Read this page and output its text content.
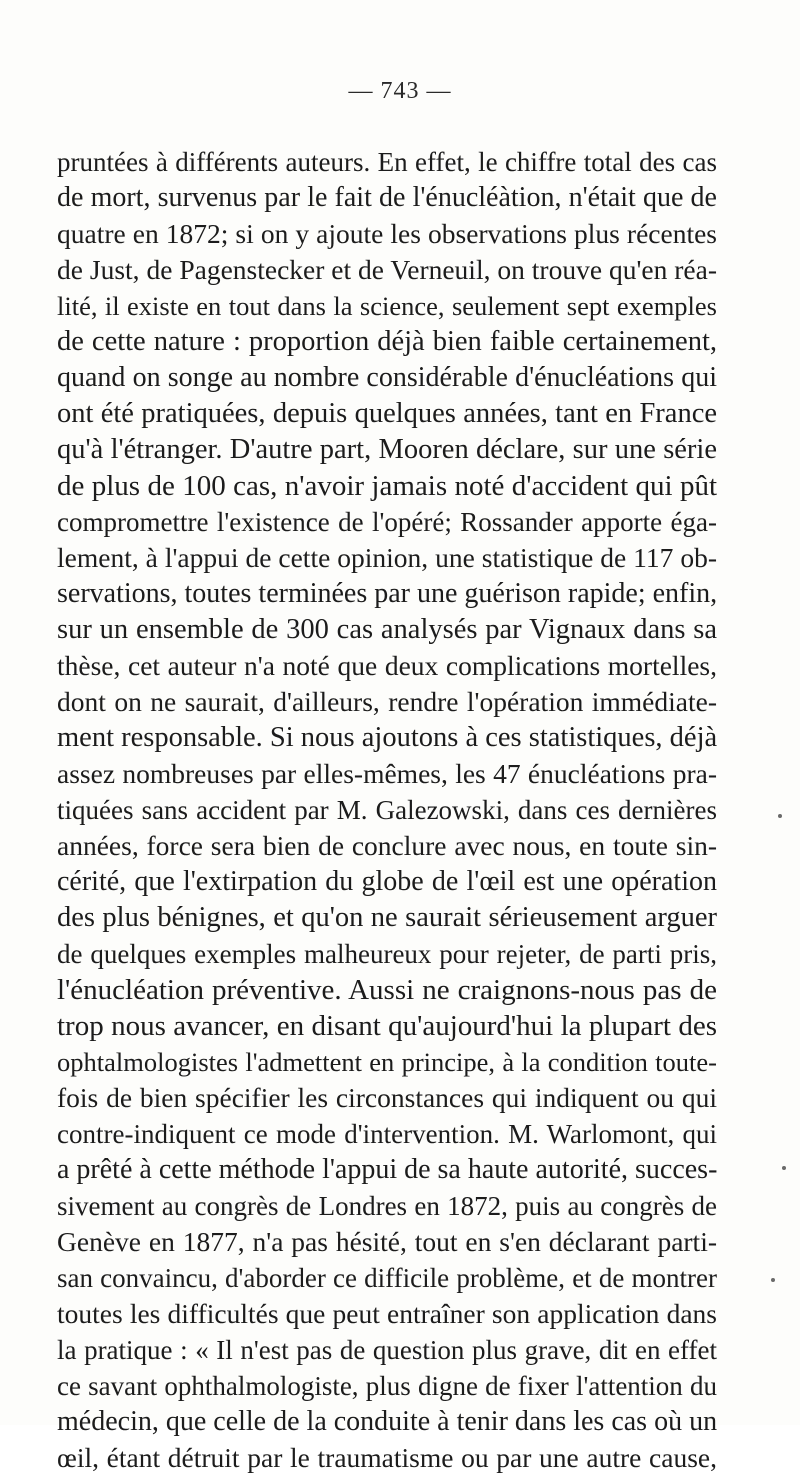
— 743 —
pruntées à différents auteurs. En effet, le chiffre total des cas
de mort, survenus par le fait de l'énucléàtion, n'était que de
quatre en 1872; si on y ajoute les observations plus récentes
de Just, de Pagenstecker et de Verneuil, on trouve qu'en réa-
lité, il existe en tout dans la science, seulement sept exemples
de cette nature : proportion déjà bien faible certainement,
quand on songe au nombre considérable d'énucléations qui
ont été pratiquées, depuis quelques années, tant en France
qu'à l'étranger. D'autre part, Mooren déclare, sur une série
de plus de 100 cas, n'avoir jamais noté d'accident qui pût
compromettre l'existence de l'opéré; Rossander apporte éga-
lement, à l'appui de cette opinion, une statistique de 117 ob-
servations, toutes terminées par une guérison rapide; enfin,
sur un ensemble de 300 cas analysés par Vignaux dans sa
thèse, cet auteur n'a noté que deux complications mortelles,
dont on ne saurait, d'ailleurs, rendre l'opération immédiate-
ment responsable. Si nous ajoutons à ces statistiques, déjà
assez nombreuses par elles-mêmes, les 47 énucléations pra-
tiquées sans accident par M. Galezowski, dans ces dernières
années, force sera bien de conclure avec nous, en toute sin-
cérité, que l'extirpation du globe de l'œil est une opération
des plus bénignes, et qu'on ne saurait sérieusement arguer
de quelques exemples malheureux pour rejeter, de parti pris,
l'énucléation préventive. Aussi ne craignons-nous pas de
trop nous avancer, en disant qu'aujourd'hui la plupart des
ophtalmologistes l'admettent en principe, à la condition toute-
fois de bien spécifier les circonstances qui indiquent ou qui
contre-indiquent ce mode d'intervention. M. Warlomont, qui
a prêté à cette méthode l'appui de sa haute autorité, succes-
sivement au congrès de Londres en 1872, puis au congrès de
Genève en 1877, n'a pas hésité, tout en s'en déclarant parti-
san convaincu, d'aborder ce difficile problème, et de montrer
toutes les difficultés que peut entraîner son application dans
la pratique : « Il n'est pas de question plus grave, dit en effet
ce savant ophthalmologiste, plus digne de fixer l'attention du
médecin, que celle de la conduite à tenir dans les cas où un
œil, étant détruit par le traumatisme ou par une autre cause,
